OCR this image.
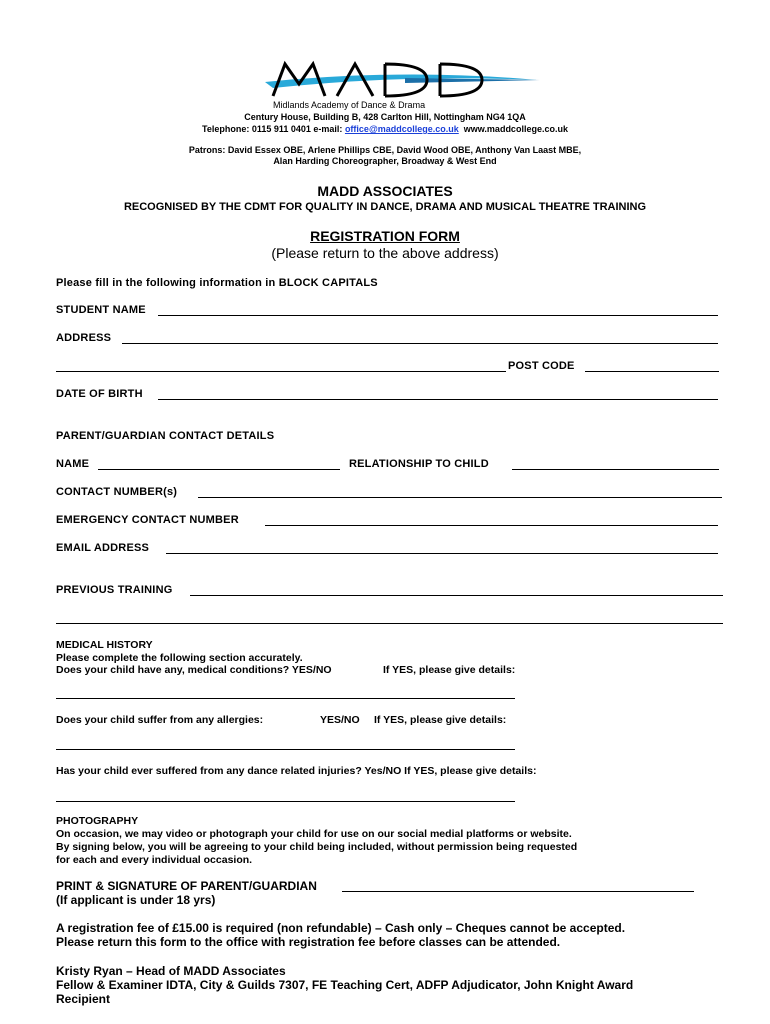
Midlands Academy of Dance & Drama
Century House, Building B, 428 Carlton Hill, Nottingham NG4 1QA
Telephone: 0115 911 0401 e-mail: office@maddcollege.co.uk www.maddcollege.co.uk
Patrons: David Essex OBE, Arlene Phillips CBE, David Wood OBE, Anthony Van Laast MBE,
Alan Harding Choreographer, Broadway & West End
MADD ASSOCIATES
RECOGNISED BY THE CDMT FOR QUALITY IN DANCE, DRAMA AND MUSICAL THEATRE TRAINING
REGISTRATION FORM
(Please return to the above address)
Please fill in the following information in BLOCK CAPITALS
STUDENT NAME
ADDRESS
POST CODE
DATE OF BIRTH
PARENT/GUARDIAN CONTACT DETAILS
NAME	RELATIONSHIP TO CHILD
CONTACT NUMBER(s)
EMERGENCY CONTACT NUMBER
EMAIL ADDRESS
PREVIOUS TRAINING
MEDICAL HISTORY
Please complete the following section accurately.
Does your child have any, medical conditions? YES/NO	If YES, please give details:
Does your child suffer from any allergies:	YES/NO If YES, please give details:
Has your child ever suffered from any dance related injuries? Yes/NO If YES, please give details:
PHOTOGRAPHY
On occasion, we may video or photograph your child for use on our social medial platforms or website.
By signing below, you will be agreeing to your child being included, without permission being requested
for each and every individual occasion.
PRINT & SIGNATURE OF PARENT/GUARDIAN
(If applicant is under 18 yrs)
A registration fee of £15.00 is required (non refundable) – Cash only – Cheques cannot be accepted.
Please return this form to the office with registration fee before classes can be attended.
Kristy Ryan – Head of MADD Associates
Fellow & Examiner IDTA, City & Guilds 7307, FE Teaching Cert, ADFP Adjudicator, John Knight Award
Recipient
